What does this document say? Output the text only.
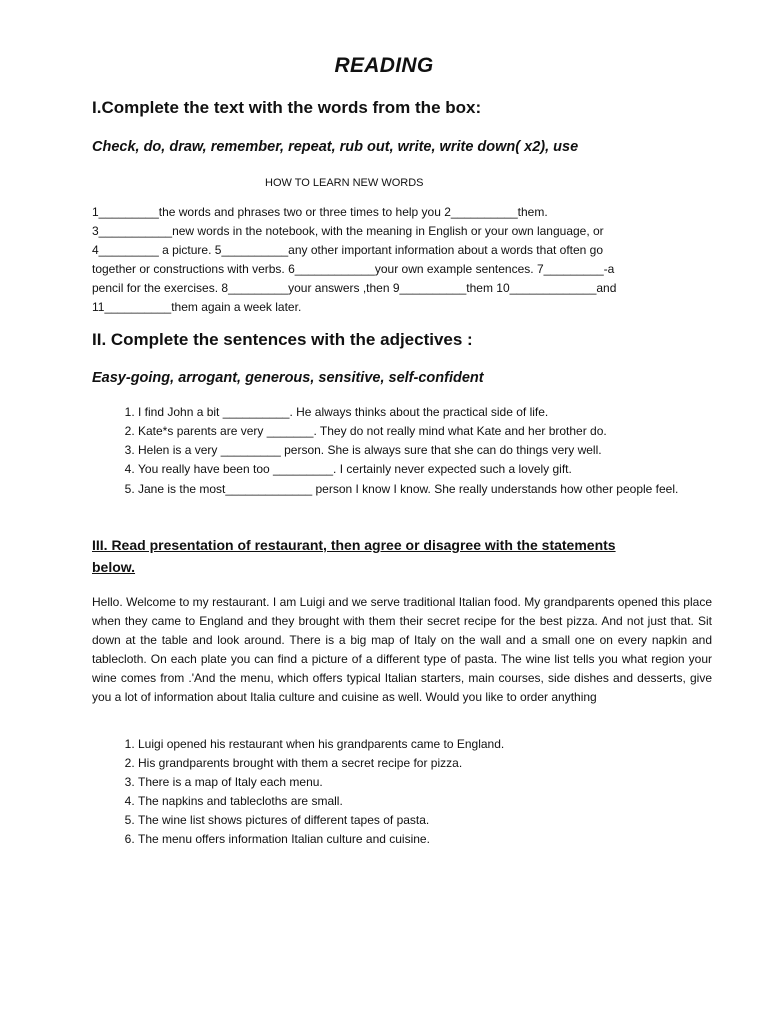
READING
I.Complete the text with the words from the box:
Check, do, draw, remember, repeat, rub out, write, write down( x2), use
HOW TO LEARN NEW WORDS

1_________the words and phrases two or three times to help you 2__________them.

3___________new words in the notebook, with the meaning in English or your own language, or

4_________ a picture. 5__________any other important information about a words that often go

together or constructions with verbs. 6____________your own example sentences. 7_________-a

pencil for the exercises. 8_________your answers ,then 9__________them 10_____________and

11__________them again a week later.

II. Complete the sentences with the adjectives :
Easy-going, arrogant, generous, sensitive, self-confident
1. I find John a bit __________. He always thinks about the practical side of life.
2. Kate*s parents are very _______. They do not really mind what Kate and her brother do.
3. Helen is a very _________ person. She is always sure that she can do things very well.
4. You really have been too _________. I certainly never expected such a lovely gift.
5. Jane is the most_____________ person I know I know. She really understands how other people feel.
III. Read presentation of restaurant, then agree or disagree with the statements
below.
Hello. Welcome to my restaurant. I am Luigi and we serve traditional Italian food. My grandparents opened this place when they came to England and they brought with them their secret recipe for the best pizza. And not just that. Sit down at the table and look around. There is a big map of Italy on the wall and a small one on every napkin and tablecloth. On each plate you can find a picture of a different type of pasta. The wine list tells you what region your wine comes from .'And the menu, which offers typical Italian starters, main courses, side dishes and desserts, give you a lot of information about Italia culture and cuisine as well. Would you like to order anything
1. Luigi opened his restaurant when his grandparents came to England.
2. His grandparents brought with them a secret recipe for pizza.
3. There is a map of Italy each menu.
4. The napkins and tablecloths are small.
5. The wine list shows pictures of different tapes of pasta.
6. The menu offers information Italian culture and cuisine.
